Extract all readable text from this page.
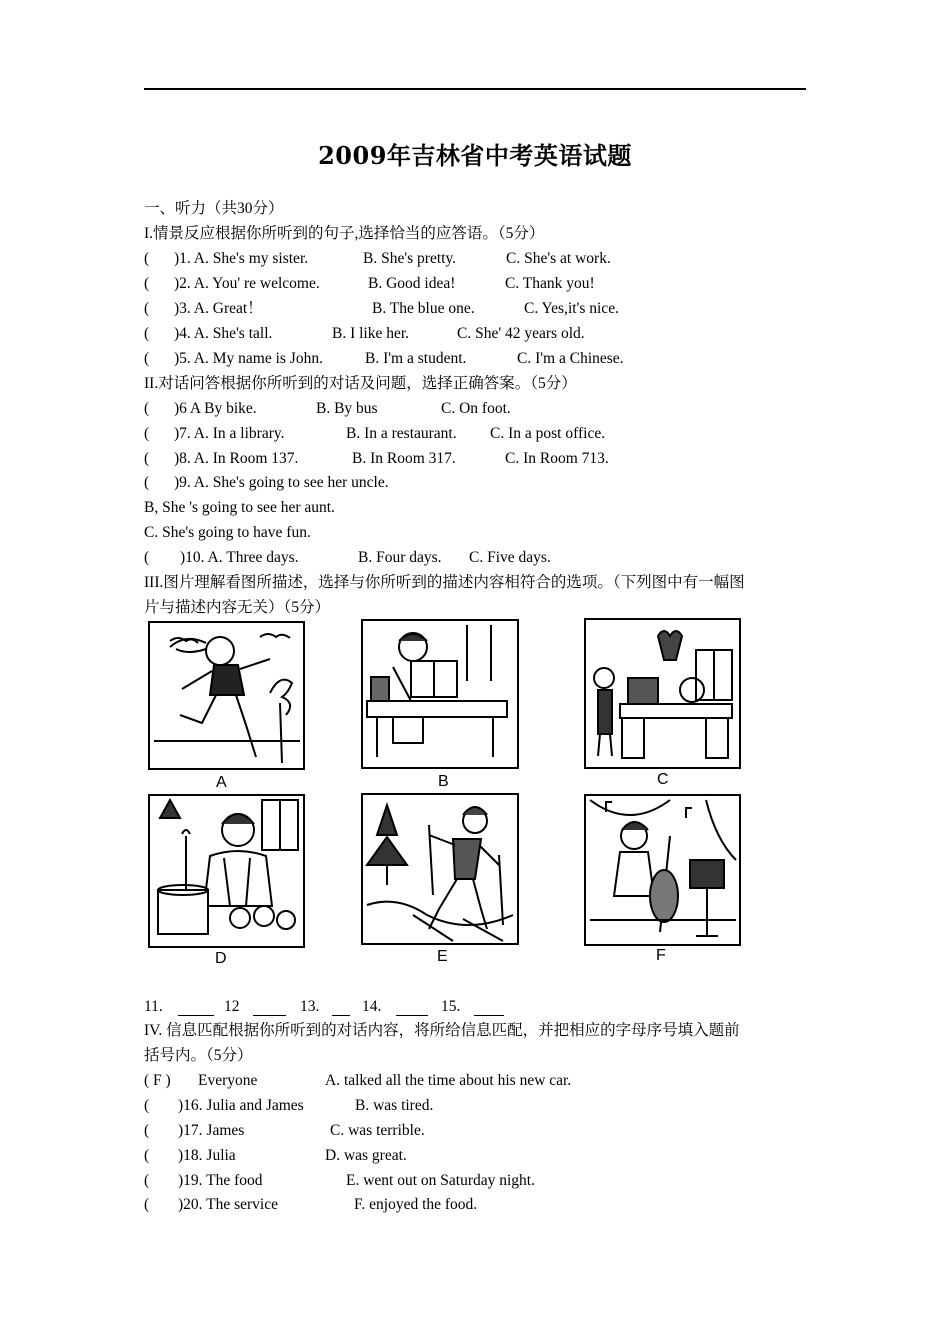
2009年吉林省中考英语试题
一、听力（共30分）
I.情景反应根据你所听到的句子,选择恰当的应答语。（5分）
( )1. A. She's my sister.	B. She's pretty.	C. She's at work.
( )2. A. You' re welcome.	B. Good idea!	C. Thank you!
( )3. A. Great！	B. The blue one.	C. Yes,it's nice.
( )4. A. She's tall.	B. I like her.	C. She' 42 years old.
( )5. A. My name is John.	B. I'm a student.	C. I'm a Chinese.
II.对话问答根据你所听到的对话及问题，选择正确答案。（5分）
( )6 A By bike.	B. By bus	C. On foot.
( )7. A. In a library.	B. In a restaurant. C. In a post office.
( )8. A. In Room 137.	B. In Room 317.	C. In Room 713.
( )9. A. She's going to see her uncle.
B, She 's going to see her aunt.
C. She's going to have fun.
( )10. A. Three days.	B. Four days. C. Five days.
III.图片理解看图所描述，选择与你所听到的描述内容相符合的选项。（下列图中有一幅图
片与描述内容无关）（5分）
A	B	C
D	E	F
11.	12	13.	14.	15.
IV. 信息匹配根据你所听到的对话内容，将所给信息匹配，并把相应的字母序号填入题前
括号内。（5分）
( F ) Everyone	A. talked all the time about his new car.
( )16. Julia and James	B. was tired.
( )17. James	C. was terrible.
( )18. Julia	D. was great.
( )19. The food	E. went out on Saturday night.
( )20. The service	F. enjoyed the food.
